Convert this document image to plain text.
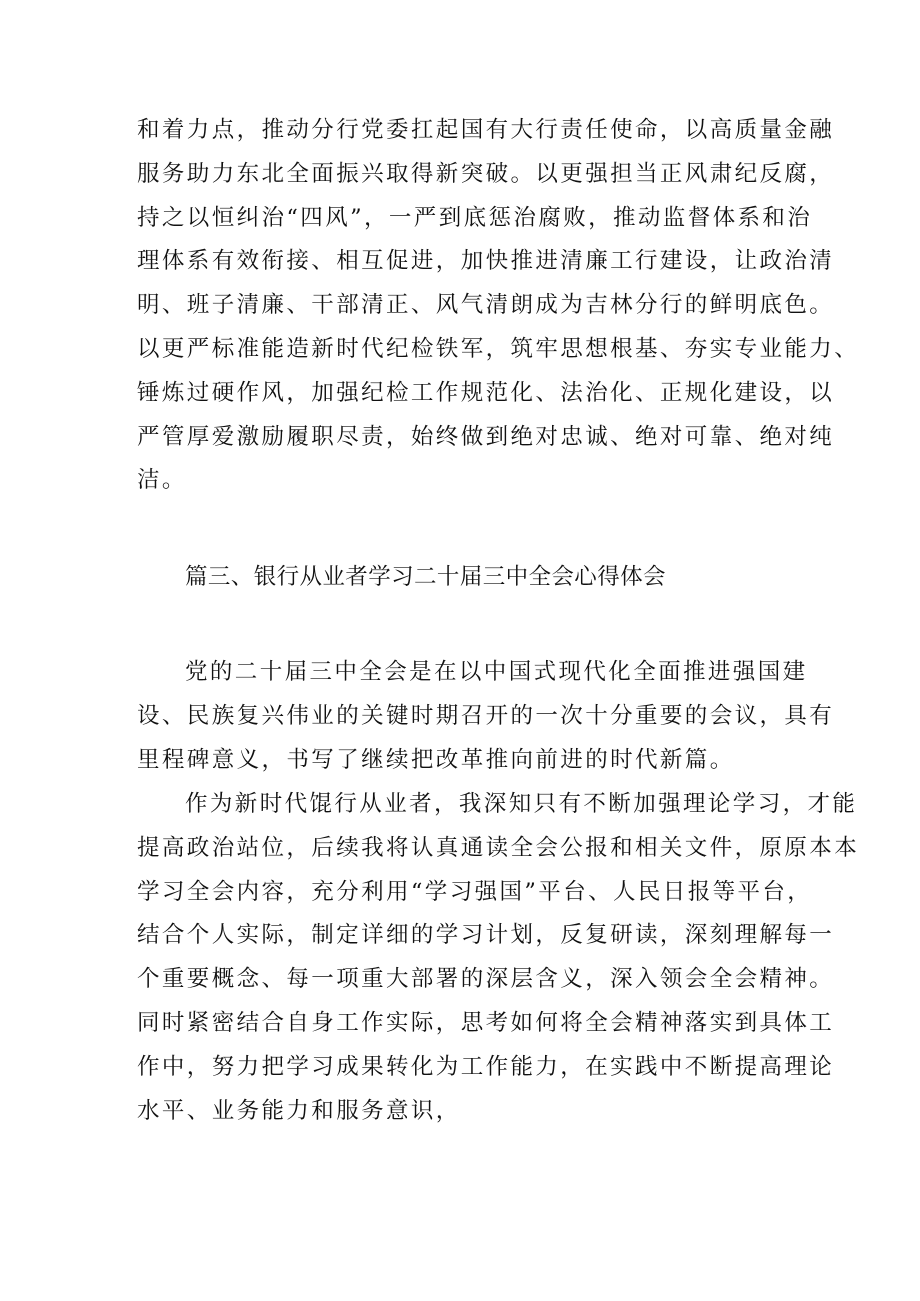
和着力点，推动分行党委扛起国有大行责任使命，以高质量金融
服务助力东北全面振兴取得新突破。以更强担当正风肃纪反腐，
持之以恒纠治“四风”，一严到底惩治腐败，推动监督体系和治
理体系有效衔接、相互促进，加快推进清廉工行建设，让政治清
明、班子清廉、干部清正、风气清朗成为吉林分行的鲜明底色。
以更严标准能造新时代纪检铁军，筑牢思想根基、夯实专业能力、
锤炼过硬作风，加强纪检工作规范化、法治化、正规化建设，以
严管厚爱激励履职尽责，始终做到绝对忠诚、绝对可靠、绝对纯
洁。
篇三、银行从业者学习二十届三中全会心得体会
党的二十届三中全会是在以中国式现代化全面推进强国建
设、民族复兴伟业的关键时期召开的一次十分重要的会议，具有
里程碑意义，书写了继续把改革推向前进的时代新篇。
作为新时代馄行从业者，我深知只有不断加强理论学习，才能
提高政治站位，后续我将认真通读全会公报和相关文件，原原本本
学习全会内容，充分利用“学习强国”平台、人民日报等平台，
结合个人实际，制定详细的学习计划，反复研读，深刻理解每一
个重要概念、每一项重大部署的深层含义，深入领会全会精神。
同时紧密结合自身工作实际，思考如何将全会精神落实到具体工
作中，努力把学习成果转化为工作能力，在实践中不断提高理论
水平、业务能力和服务意识，
